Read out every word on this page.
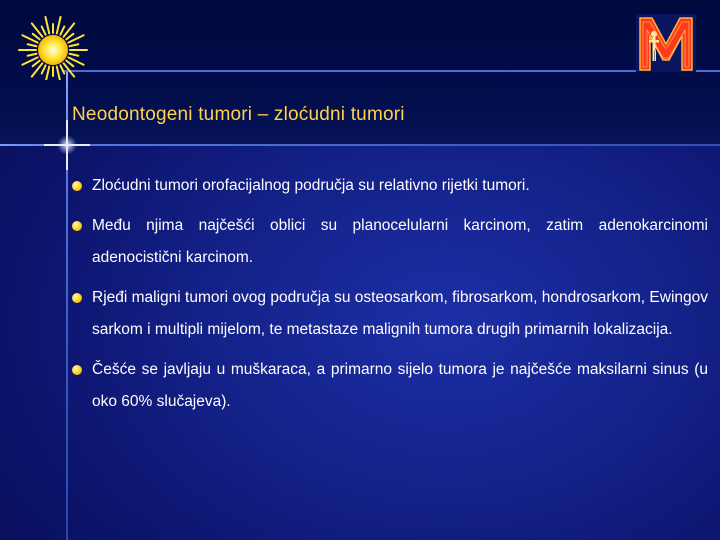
Neodontogeni tumori – zloćudni tumori
Zloćudni tumori orofacijalnog područja su relativno rijetki tumori.
Među njima najčešći oblici su planocelularni karcinom, zatim adenokarcinomi adenocistični karcinom.
Rjeđi maligni tumori ovog područja su osteosarkom, fibrosarkom, hondrosarkom, Ewingov sarkom i multipli mijelom, te metastaze malignih tumora drugih primarnih lokalizacija.
Češće se javljaju u muškaraca, a primarno sijelo tumora je najčešće maksilarni sinus (u oko 60% slučajeva).
